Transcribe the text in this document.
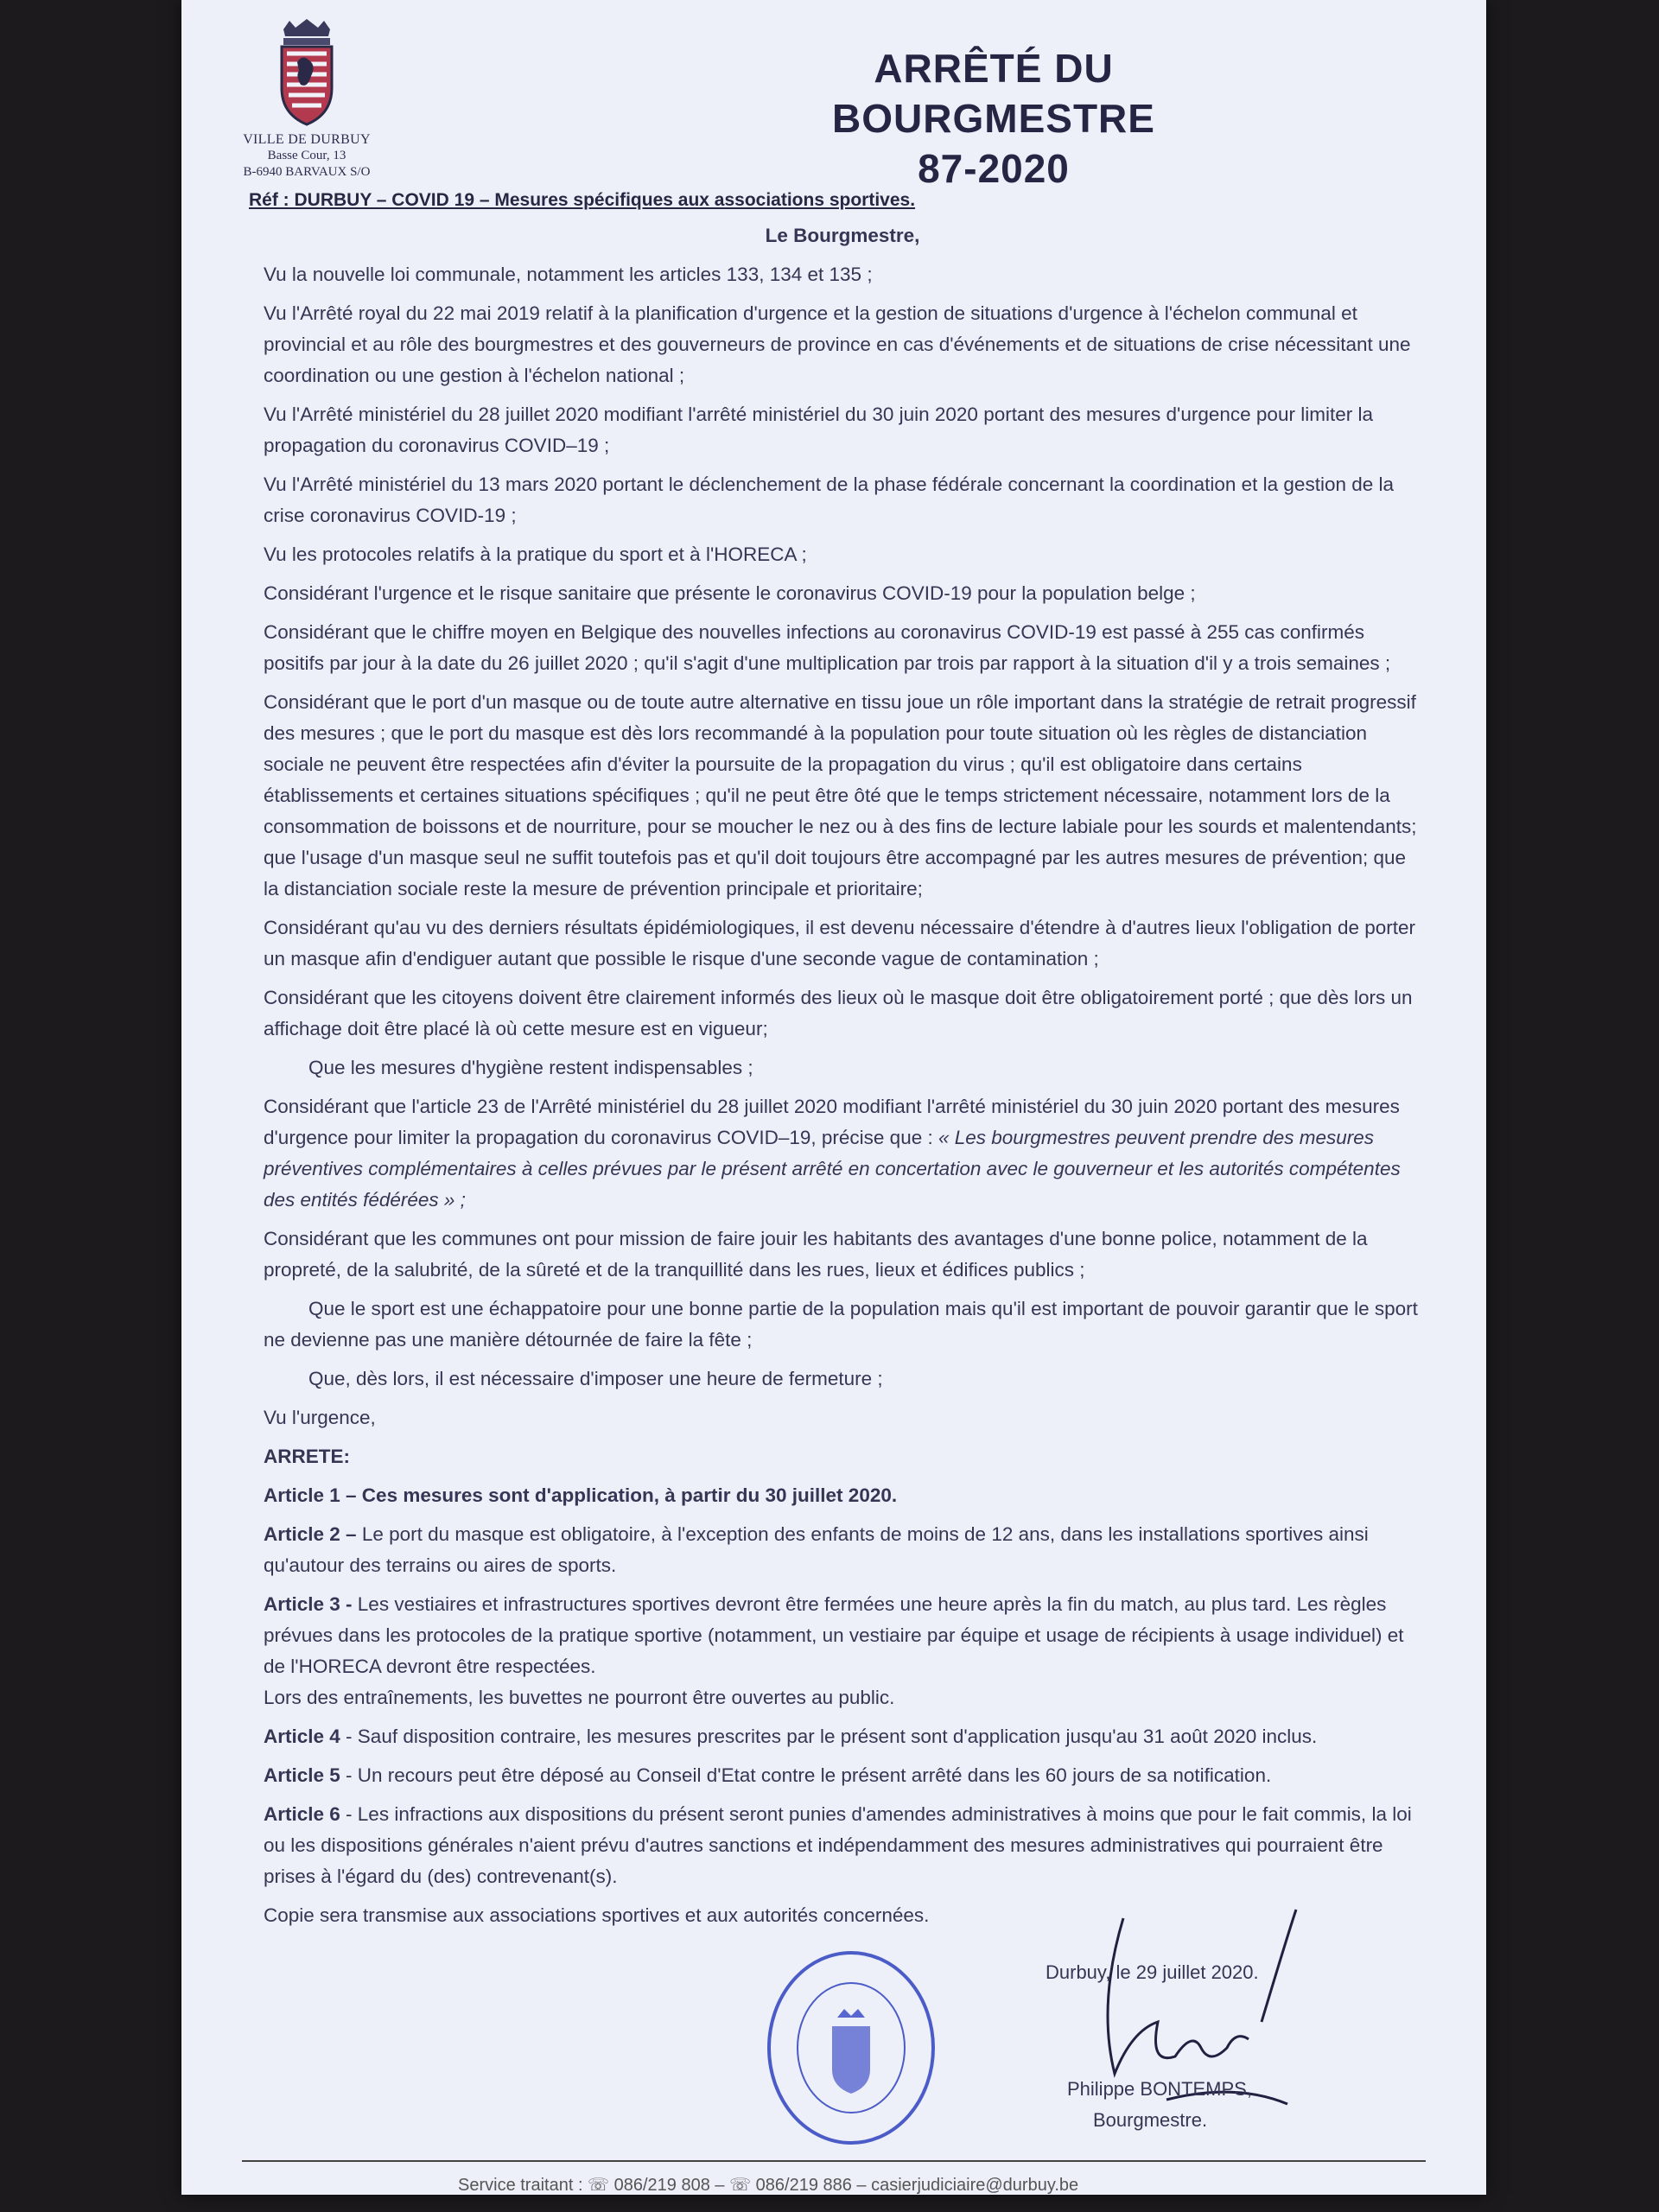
VILLE DE DURBUY
Basse Cour, 13
B-6940 BARVAUX S/O
ARRÊTÉ DU BOURGMESTRE
87-2020
Réf : DURBUY – COVID 19 – Mesures spécifiques aux associations sportives.

Le Bourgmestre,

Vu la nouvelle loi communale, notamment les articles 133, 134 et 135 ;

Vu l'Arrêté royal du 22 mai 2019 relatif à la planification d'urgence et la gestion de situations d'urgence à l'échelon communal et provincial et au rôle des bourgmestres et des gouverneurs de province en cas d'événements et de situations de crise nécessitant une coordination ou une gestion à l'échelon national ;

Vu l'Arrêté ministériel du 28 juillet 2020 modifiant l'arrêté ministériel du 30 juin 2020 portant des mesures d'urgence pour limiter la propagation du coronavirus COVID–19 ;

Vu l'Arrêté ministériel du 13 mars 2020 portant le déclenchement de la phase fédérale concernant la coordination et la gestion de la crise coronavirus COVID-19 ;

Vu les protocoles relatifs à la pratique du sport et à l'HORECA ;

Considérant l'urgence et le risque sanitaire que présente le coronavirus COVID-19 pour la population belge ;

Considérant que le chiffre moyen en Belgique des nouvelles infections au coronavirus COVID-19 est passé à 255 cas confirmés positifs par jour à la date du 26 juillet 2020 ; qu'il s'agit d'une multiplication par trois par rapport à la situation d'il y a trois semaines ;

Considérant que le port d'un masque ou de toute autre alternative en tissu joue un rôle important dans la stratégie de retrait progressif des mesures ; que le port du masque est dès lors recommandé à la population pour toute situation où les règles de distanciation sociale ne peuvent être respectées afin d'éviter la poursuite de la propagation du virus ; qu'il est obligatoire dans certains établissements et certaines situations spécifiques ; qu'il ne peut être ôté que le temps strictement nécessaire, notamment lors de la consommation de boissons et de nourriture, pour se moucher le nez ou à des fins de lecture labiale pour les sourds et malentendants; que l'usage d'un masque seul ne suffit toutefois pas et qu'il doit toujours être accompagné par les autres mesures de prévention; que la distanciation sociale reste la mesure de prévention principale et prioritaire;

Considérant qu'au vu des derniers résultats épidémiologiques, il est devenu nécessaire d'étendre à d'autres lieux l'obligation de porter un masque afin d'endiguer autant que possible le risque d'une seconde vague de contamination ;

Considérant que les citoyens doivent être clairement informés des lieux où le masque doit être obligatoirement porté ; que dès lors un affichage doit être placé là où cette mesure est en vigueur;

Que les mesures d'hygiène restent indispensables ;

Considérant que l'article 23 de l'Arrêté ministériel du 28 juillet 2020 modifiant l'arrêté ministériel du 30 juin 2020 portant des mesures d'urgence pour limiter la propagation du coronavirus COVID–19, précise que : « Les bourgmestres peuvent prendre des mesures préventives complémentaires à celles prévues par le présent arrêté en concertation avec le gouverneur et les autorités compétentes des entités fédérées » ;

Considérant que les communes ont pour mission de faire jouir les habitants des avantages d'une bonne police, notamment de la propreté, de la salubrité, de la sûreté et de la tranquillité dans les rues, lieux et édifices publics ;

Que le sport est une échappatoire pour une bonne partie de la population mais qu'il est important de pouvoir garantir que le sport ne devienne pas une manière détournée de faire la fête ;

Que, dès lors, il est nécessaire d'imposer une heure de fermeture ;

Vu l'urgence,

ARRETE:

Article 1 – Ces mesures sont d'application, à partir du 30 juillet 2020.

Article 2 – Le port du masque est obligatoire, à l'exception des enfants de moins de 12 ans, dans les installations sportives ainsi qu'autour des terrains ou aires de sports.

Article 3 - Les vestiaires et infrastructures sportives devront être fermées une heure après la fin du match, au plus tard. Les règles prévues dans les protocoles de la pratique sportive (notamment, un vestiaire par équipe et usage de récipients à usage individuel) et de l'HORECA devront être respectées.

Lors des entraînements, les buvettes ne pourront être ouvertes au public.

Article 4 - Sauf disposition contraire, les mesures prescrites par le présent sont d'application jusqu'au 31 août 2020 inclus.

Article 5 - Un recours peut être déposé au Conseil d'Etat contre le présent arrêté dans les 60 jours de sa notification.

Article 6 - Les infractions aux dispositions du présent seront punies d'amendes administratives à moins que pour le fait commis, la loi ou les dispositions générales n'aient prévu d'autres sanctions et indépendamment des mesures administratives qui pourraient être prises à l'égard du (des) contrevenant(s).

Copie sera transmise aux associations sportives et aux autorités concernées.

Durbuy, le 29 juillet 2020.
Philippe BONTEMPS,
Bourgmestre.
Service traitant : ☏ 086/219 808 – ☏ 086/219 886 – casierjudiciaire@durbuy.be
